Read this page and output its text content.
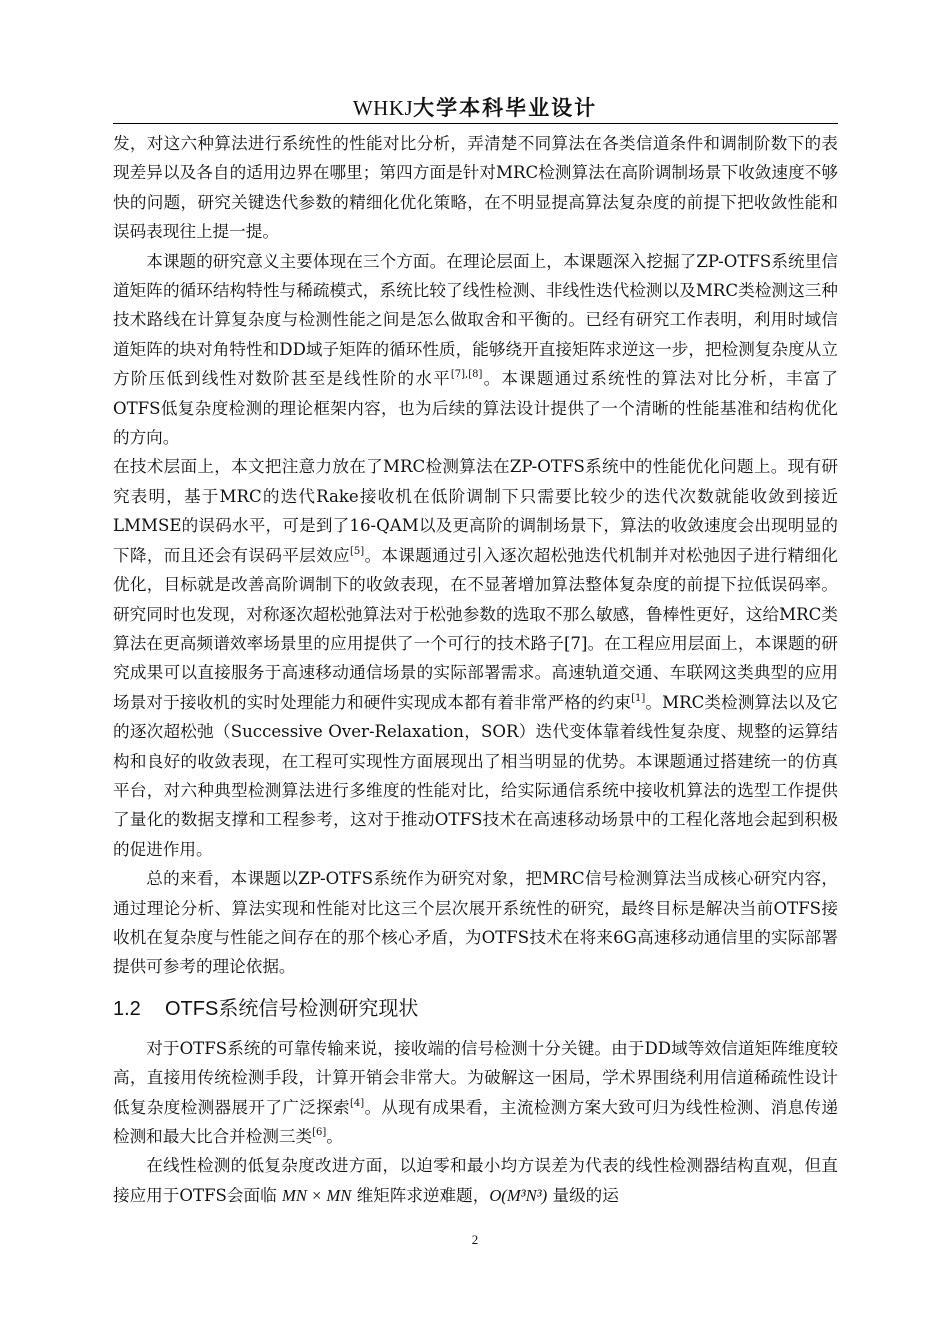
WHKJ大学本科毕业设计

发，对这六种算法进行系统性的性能对比分析，弄清楚不同算法在各类信道条件和调制阶数下的表现差异以及各自的适用边界在哪里；第四方面是针对MRC检测算法在高阶调制场景下收敛速度不够快的问题，研究关键迭代参数的精细化优化策略，在不明显提高算法复杂度的前提下把收敛性能和误码表现往上提一提。

本课题的研究意义主要体现在三个方面。在理论层面上，本课题深入挖掘了ZP-OTFS系统里信道矩阵的循环结构特性与稀疏模式，系统比较了线性检测、非线性迭代检测以及MRC类检测这三种技术路线在计算复杂度与检测性能之间是怎么做取舍和平衡的。已经有研究工作表明，利用时域信道矩阵的块对角特性和DD域子矩阵的循环性质，能够绕开直接矩阵求逆这一步，把检测复杂度从立方阶压低到线性对数阶甚至是线性阶的水平[7],[8]。本课题通过系统性的算法对比分析，丰富了OTFS低复杂度检测的理论框架内容，也为后续的算法设计提供了一个清晰的性能基准和结构优化的方向。

在技术层面上，本文把注意力放在了MRC检测算法在ZP-OTFS系统中的性能优化问题上。现有研究表明，基于MRC的迭代Rake接收机在低阶调制下只需要比较少的迭代次数就能收敛到接近LMMSE的误码水平，可是到了16-QAM以及更高阶的调制场景下，算法的收敛速度会出现明显的下降，而且还会有误码平层效应[5]。本课题通过引入逐次超松弛迭代机制并对松弛因子进行精细化优化，目标就是改善高阶调制下的收敛表现，在不显著增加算法整体复杂度的前提下拉低误码率。研究同时也发现，对称逐次超松弛算法对于松弛参数的选取不那么敏感，鲁棒性更好，这给MRC类算法在更高频谱效率场景里的应用提供了一个可行的技术路子[7]。在工程应用层面上，本课题的研究成果可以直接服务于高速移动通信场景的实际部署需求。高速轨道交通、车联网这类典型的应用场景对于接收机的实时处理能力和硬件实现成本都有着非常严格的约束[1]。MRC类检测算法以及它的逐次超松弛（Successive Over-Relaxation，SOR）迭代变体靠着线性复杂度、规整的运算结构和良好的收敛表现，在工程可实现性方面展现出了相当明显的优势。本课题通过搭建统一的仿真平台，对六种典型检测算法进行多维度的性能对比，给实际通信系统中接收机算法的选型工作提供了量化的数据支撑和工程参考，这对于推动OTFS技术在高速移动场景中的工程化落地会起到积极的促进作用。

总的来看，本课题以ZP-OTFS系统作为研究对象，把MRC信号检测算法当成核心研究内容，通过理论分析、算法实现和性能对比这三个层次展开系统性的研究，最终目标是解决当前OTFS接收机在复杂度与性能之间存在的那个核心矛盾，为OTFS技术在将来6G高速移动通信里的实际部署提供可参考的理论依据。

1.2 OTFS系统信号检测研究现状

对于OTFS系统的可靠传输来说，接收端的信号检测十分关键。由于DD域等效信道矩阵维度较高，直接用传统检测手段，计算开销会非常大。为破解这一困局，学术界围绕利用信道稀疏性设计低复杂度检测器展开了广泛探索[4]。从现有成果看，主流检测方案大致可归为线性检测、消息传递检测和最大比合并检测三类[6]。

在线性检测的低复杂度改进方面，以迫零和最小均方误差为代表的线性检测器结构直观，但直接应用于OTFS会面临 MN × MN 维矩阵求逆难题，O(M³N³) 量级的运

2
